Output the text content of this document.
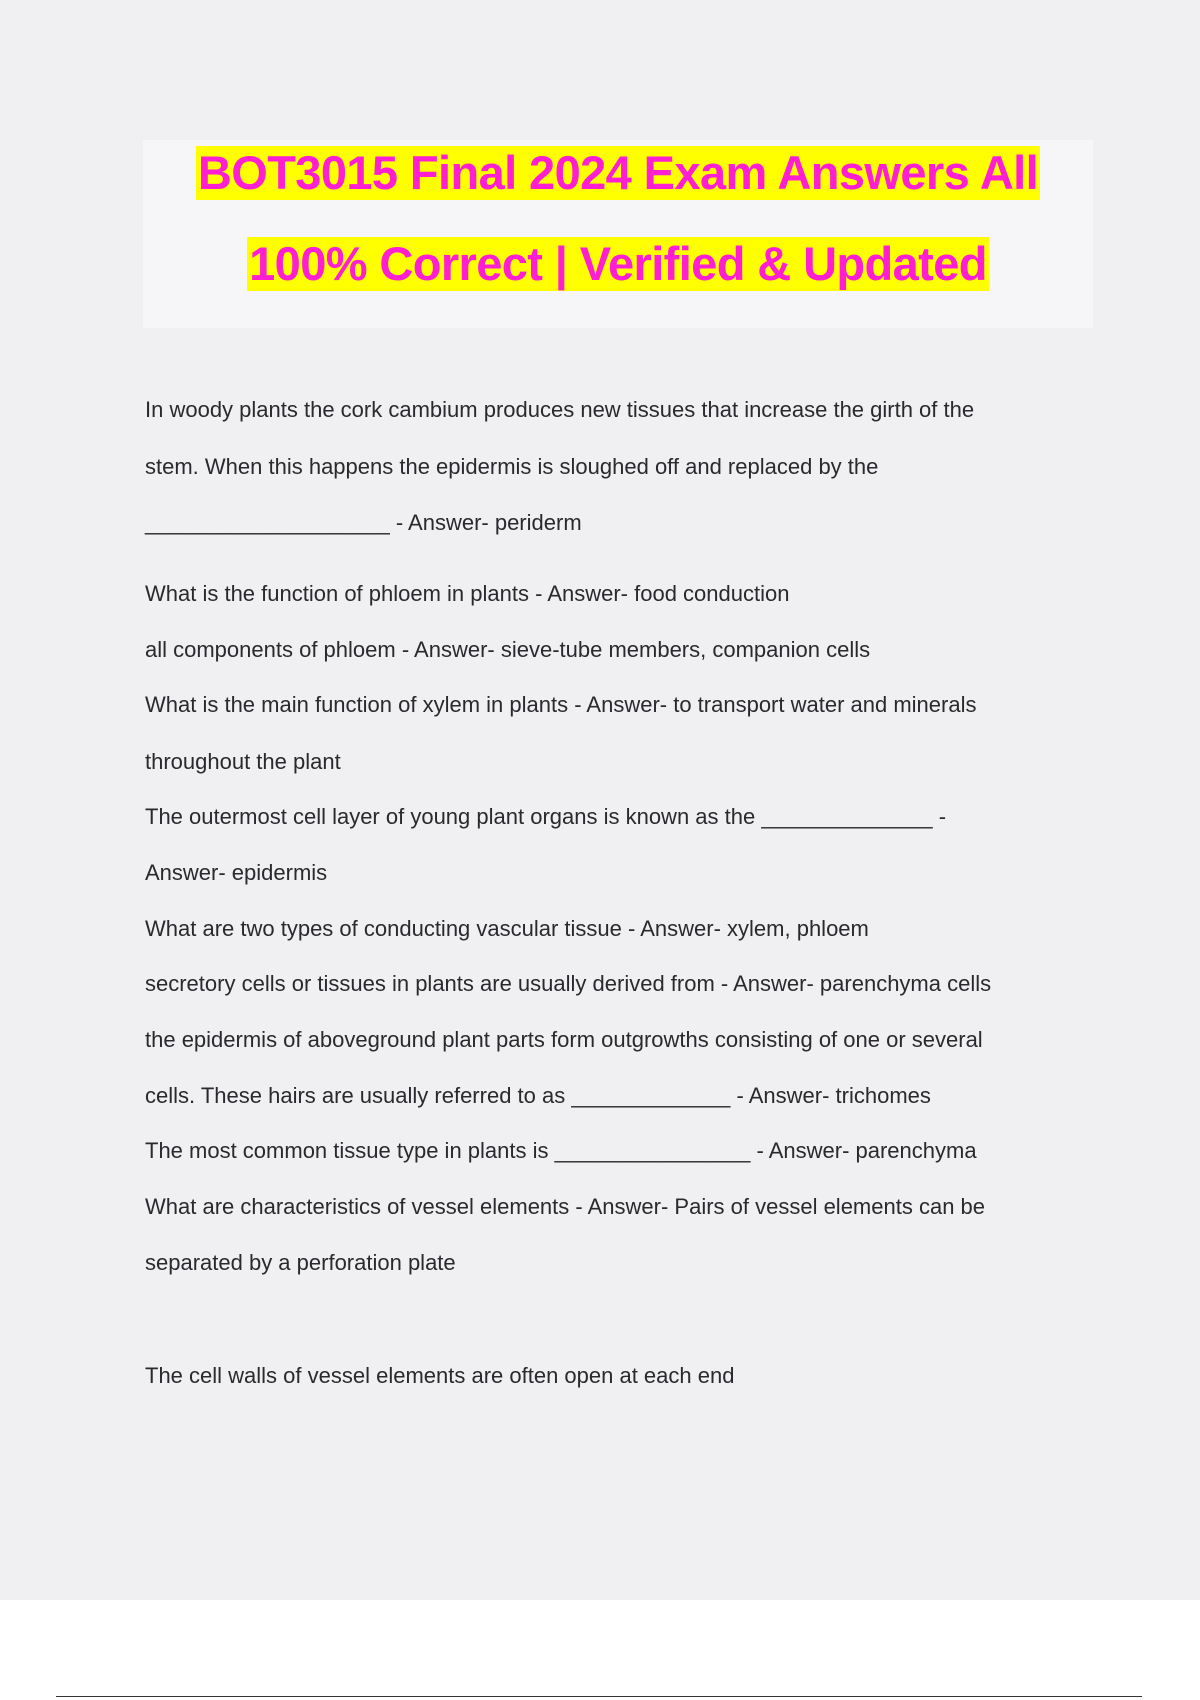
BOT3015 Final 2024 Exam Answers All
100% Correct | Verified & Updated
In woody plants the cork cambium produces new tissues that increase the girth of the
stem. When this happens the epidermis is sloughed off and replaced by the
____________________ - Answer- periderm
What is the function of phloem in plants - Answer- food conduction
all components of phloem - Answer- sieve-tube members, companion cells
What is the main function of xylem in plants - Answer- to transport water and minerals
throughout the plant
The outermost cell layer of young plant organs is known as the ______________ -
Answer- epidermis
What are two types of conducting vascular tissue - Answer- xylem, phloem
secretory cells or tissues in plants are usually derived from - Answer- parenchyma cells
the epidermis of aboveground plant parts form outgrowths consisting of one or several
cells. These hairs are usually referred to as _____________ - Answer- trichomes
The most common tissue type in plants is ________________ - Answer- parenchyma
What are characteristics of vessel elements - Answer- Pairs of vessel elements can be
separated by a perforation plate
The cell walls of vessel elements are often open at each end
